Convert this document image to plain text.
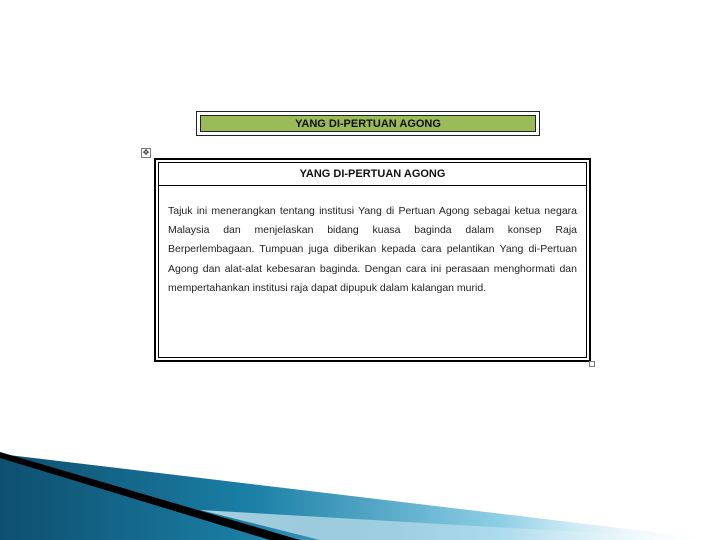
YANG DI-PERTUAN AGONG
✥
YANG DI-PERTUAN AGONG
Tajuk ini menerangkan tentang institusi Yang di Pertuan Agong sebagai ketua negara Malaysia dan menjelaskan bidang kuasa baginda dalam konsep Raja Berperlembagaan. Tumpuan juga diberikan kepada cara pelantikan Yang di-Pertuan Agong dan alat-alat kebesaran baginda. Dengan cara ini perasaan menghormati dan mempertahankan institusi raja dapat dipupuk dalam kalangan murid.
